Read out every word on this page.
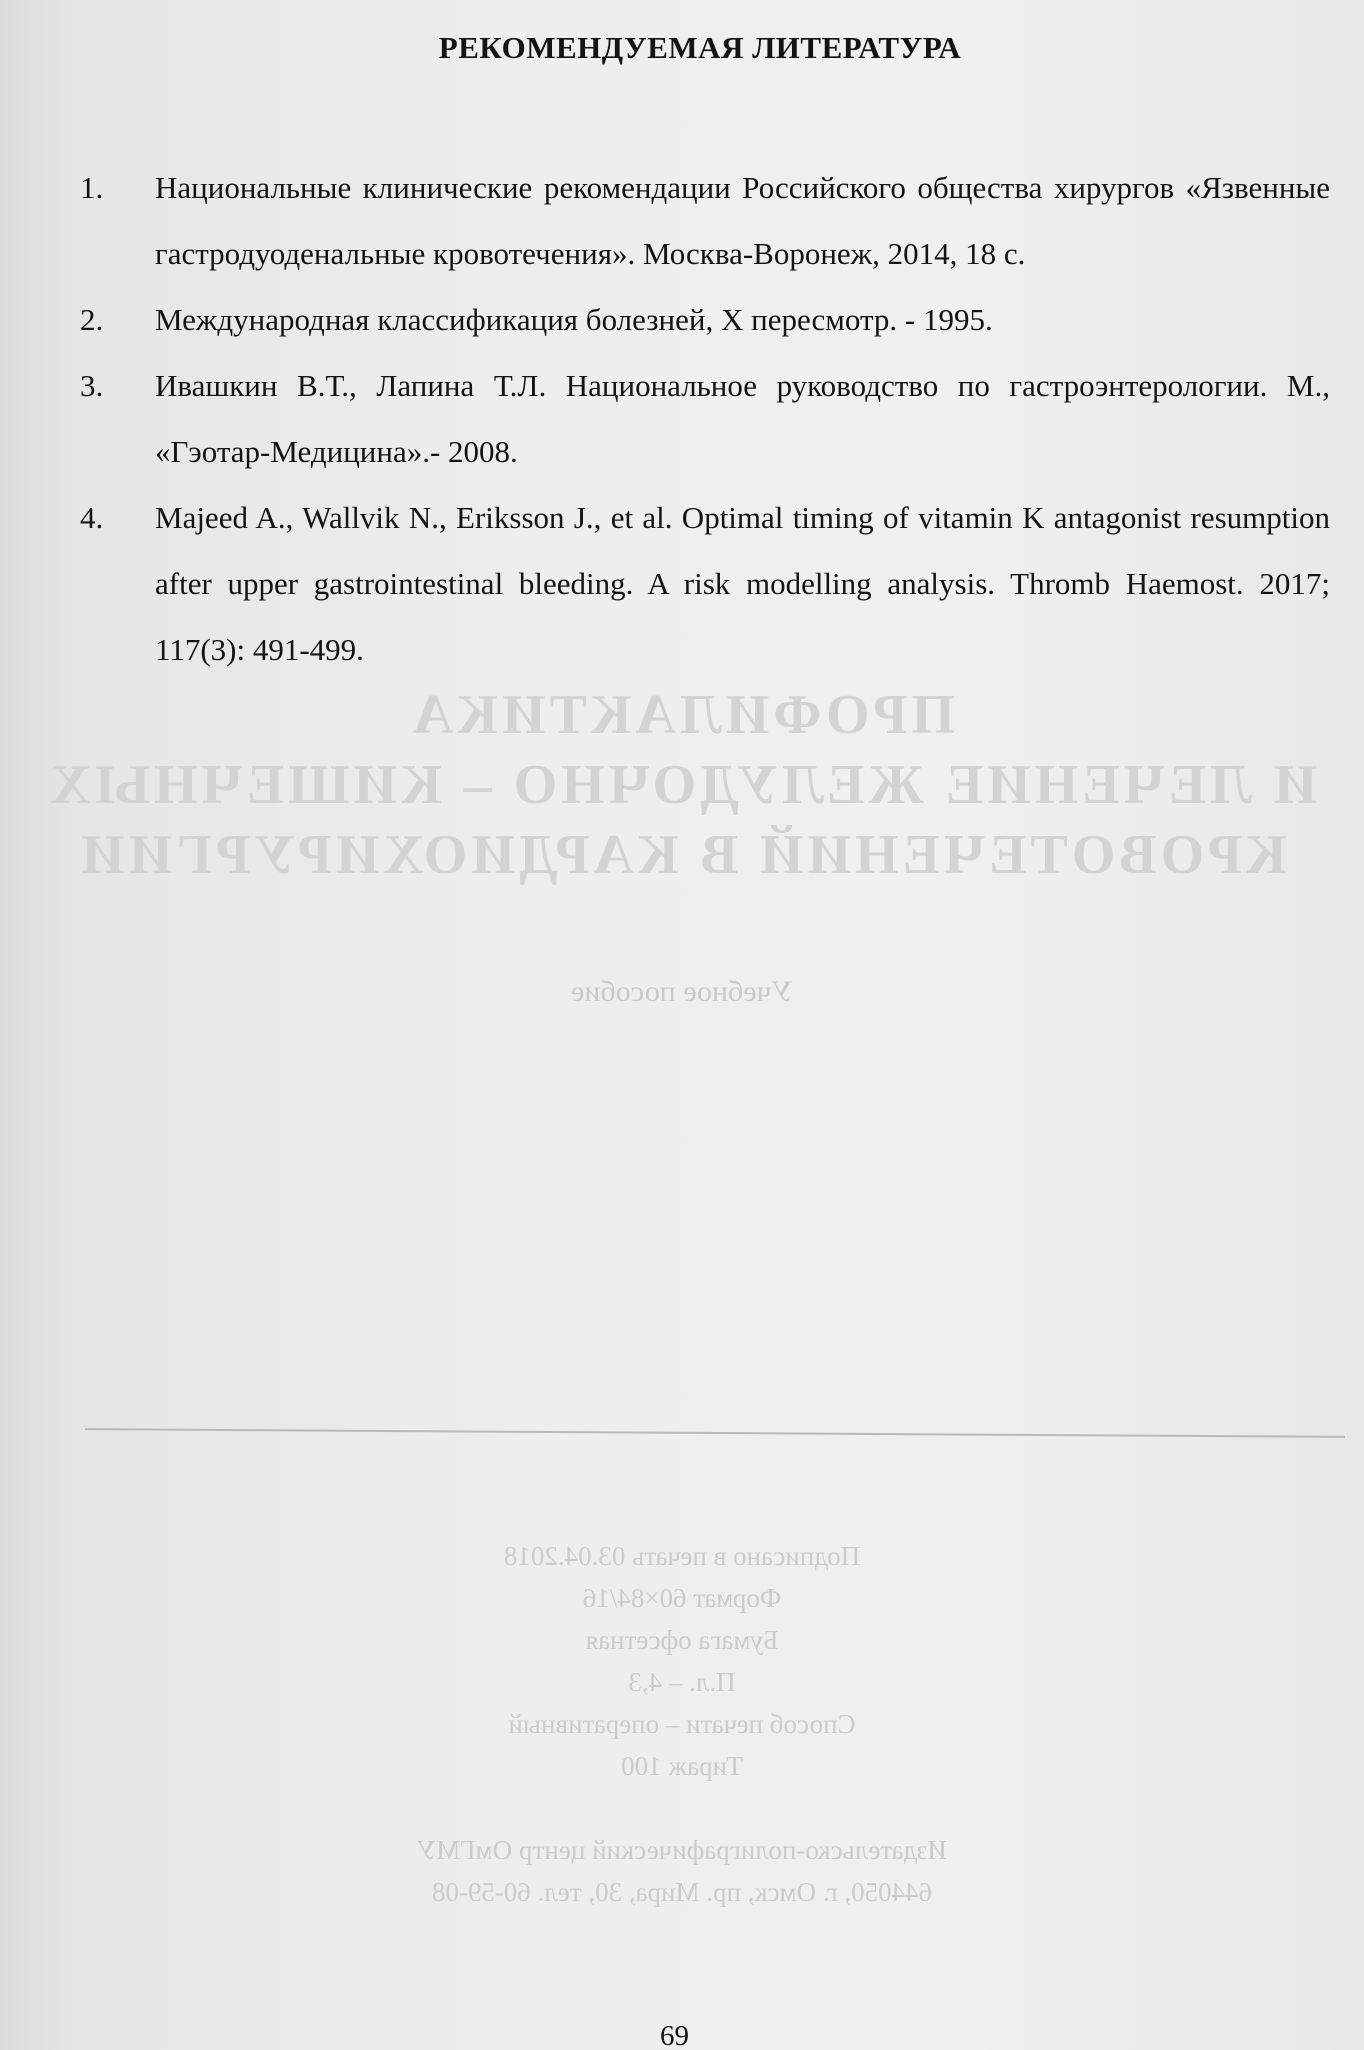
РЕКОМЕНДУЕМАЯ ЛИТЕРАТУРА
1. Национальные клинические рекомендации Российского общества хирургов «Язвенные гастродуоденальные кровотечения». Москва-Воронеж, 2014, 18 с.
2. Международная классификация болезней, X пересмотр. - 1995.
3. Ивашкин В.Т., Лапина Т.Л. Национальное руководство по гастроэнтерологии. М., «Гэотар-Медицина».- 2008.
4. Majeed A., Wallvik N., Eriksson J., et al. Optimal timing of vitamin K antagonist resumption after upper gastrointestinal bleeding. A risk modelling analysis. Thromb Haemost. 2017; 117(3): 491-499.
ПРОФИЛАКТИКА
И ЛЕЧЕНИЕ ЖЕЛУДОЧНО – КИШЕЧНЫХ
КРОВОТЕЧЕНИЙ В КАРДИОХИРУРГИИ
Учебное пособие
Подписано в печать 03.04.2018
Формат 60×84/16
Бумага офсетная
П.л. – 4,3
Способ печати – оперативный
Тираж 100
Издательско-полиграфический центр ОмГМУ
644050, г. Омск, пр. Мира, 30, тел. 60-59-08
69
